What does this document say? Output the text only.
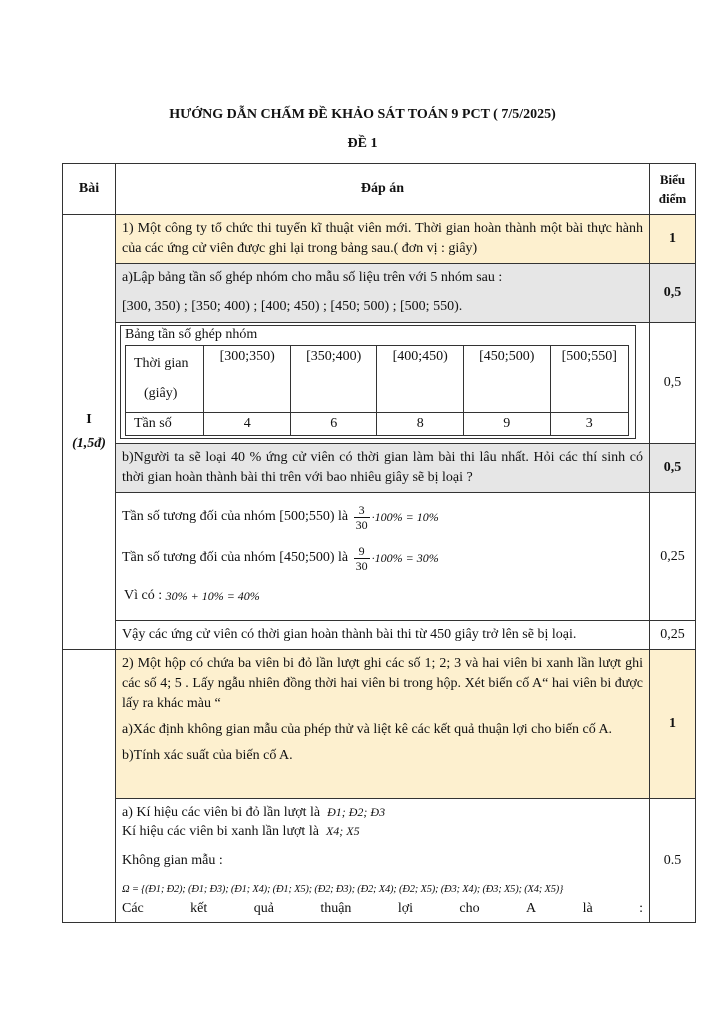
HƯỚNG DẪN CHẤM ĐỀ KHẢO SÁT TOÁN 9 PCT ( 7/5/2025)
ĐỀ 1
Bài	Đáp án	
Biểu
điểm

I
(1,5đ)
	1) Một công ty tổ chức thi tuyển kĩ thuật viên mới. Thời gian hoàn thành một bài thực hành của các ứng cử viên được ghi lại trong bảng sau.( đơn vị : giây)	1

a)Lập bảng tần số ghép nhóm cho mẫu số liệu trên với 5 nhóm sau :
[300, 350) ; [350; 400) ; [400; 450) ; [450; 500) ; [500; 550).
	0,5

Bảng tần số ghép nhóm
Thời gian
(giây)
	[300;350)	[350;400)	[400;450)	[450;500)	[500;550]
Tần số	4	6	8	9	3
	0,5
b)Người ta sẽ loại 40 % ứng cử viên có thời gian làm bài thi lâu nhất. Hỏi các thí sinh có thời gian hoàn thành bài thi trên với bao nhiêu giây sẽ bị loại ?	0,5

Tần số tương đối của nhóm [500;550) là
$\frac{3}{30} \cdot 100\% = 10\%$
Tần số tương đối của nhóm [450;500) là
$\frac{9}{30} \cdot 100\% = 30\%$
Vì có :
30% + 10% = 40%
	0,25
Vậy các ứng cử viên có thời gian hoàn thành bài thi từ 450 giây trở lên sẽ bị loại.	0,25

2) Một hộp có chứa ba viên bi đỏ lần lượt ghi các số 1; 2; 3 và hai viên bi xanh lần lượt ghi các số 4; 5 . Lấy ngẫu nhiên đồng thời hai viên bi trong hộp. Xét biến cố A“ hai viên bi được lấy ra khác màu “
a)Xác định không gian mẫu của phép thử và liệt kê các kết quả thuận lợi cho biến cố A.
b)Tính xác suất của biến cố A.
	1

a) Kí hiệu các viên bi đỏ lần lượt là Đ1; Đ2; Đ3
Kí hiệu các viên bi xanh lần lượt là X4; X5
Không gian mẫu :
Ω = {(Đ1; Đ2); (Đ1; Đ3); (Đ1; X4); (Đ1; X5); (Đ2; Đ3); (Đ2; X4); (Đ2; X5); (Đ3; X4); (Đ3; X5); (X4; X5)}
Các	kết	quả	thuận	lợi	cho	A	là	:
	0.5
